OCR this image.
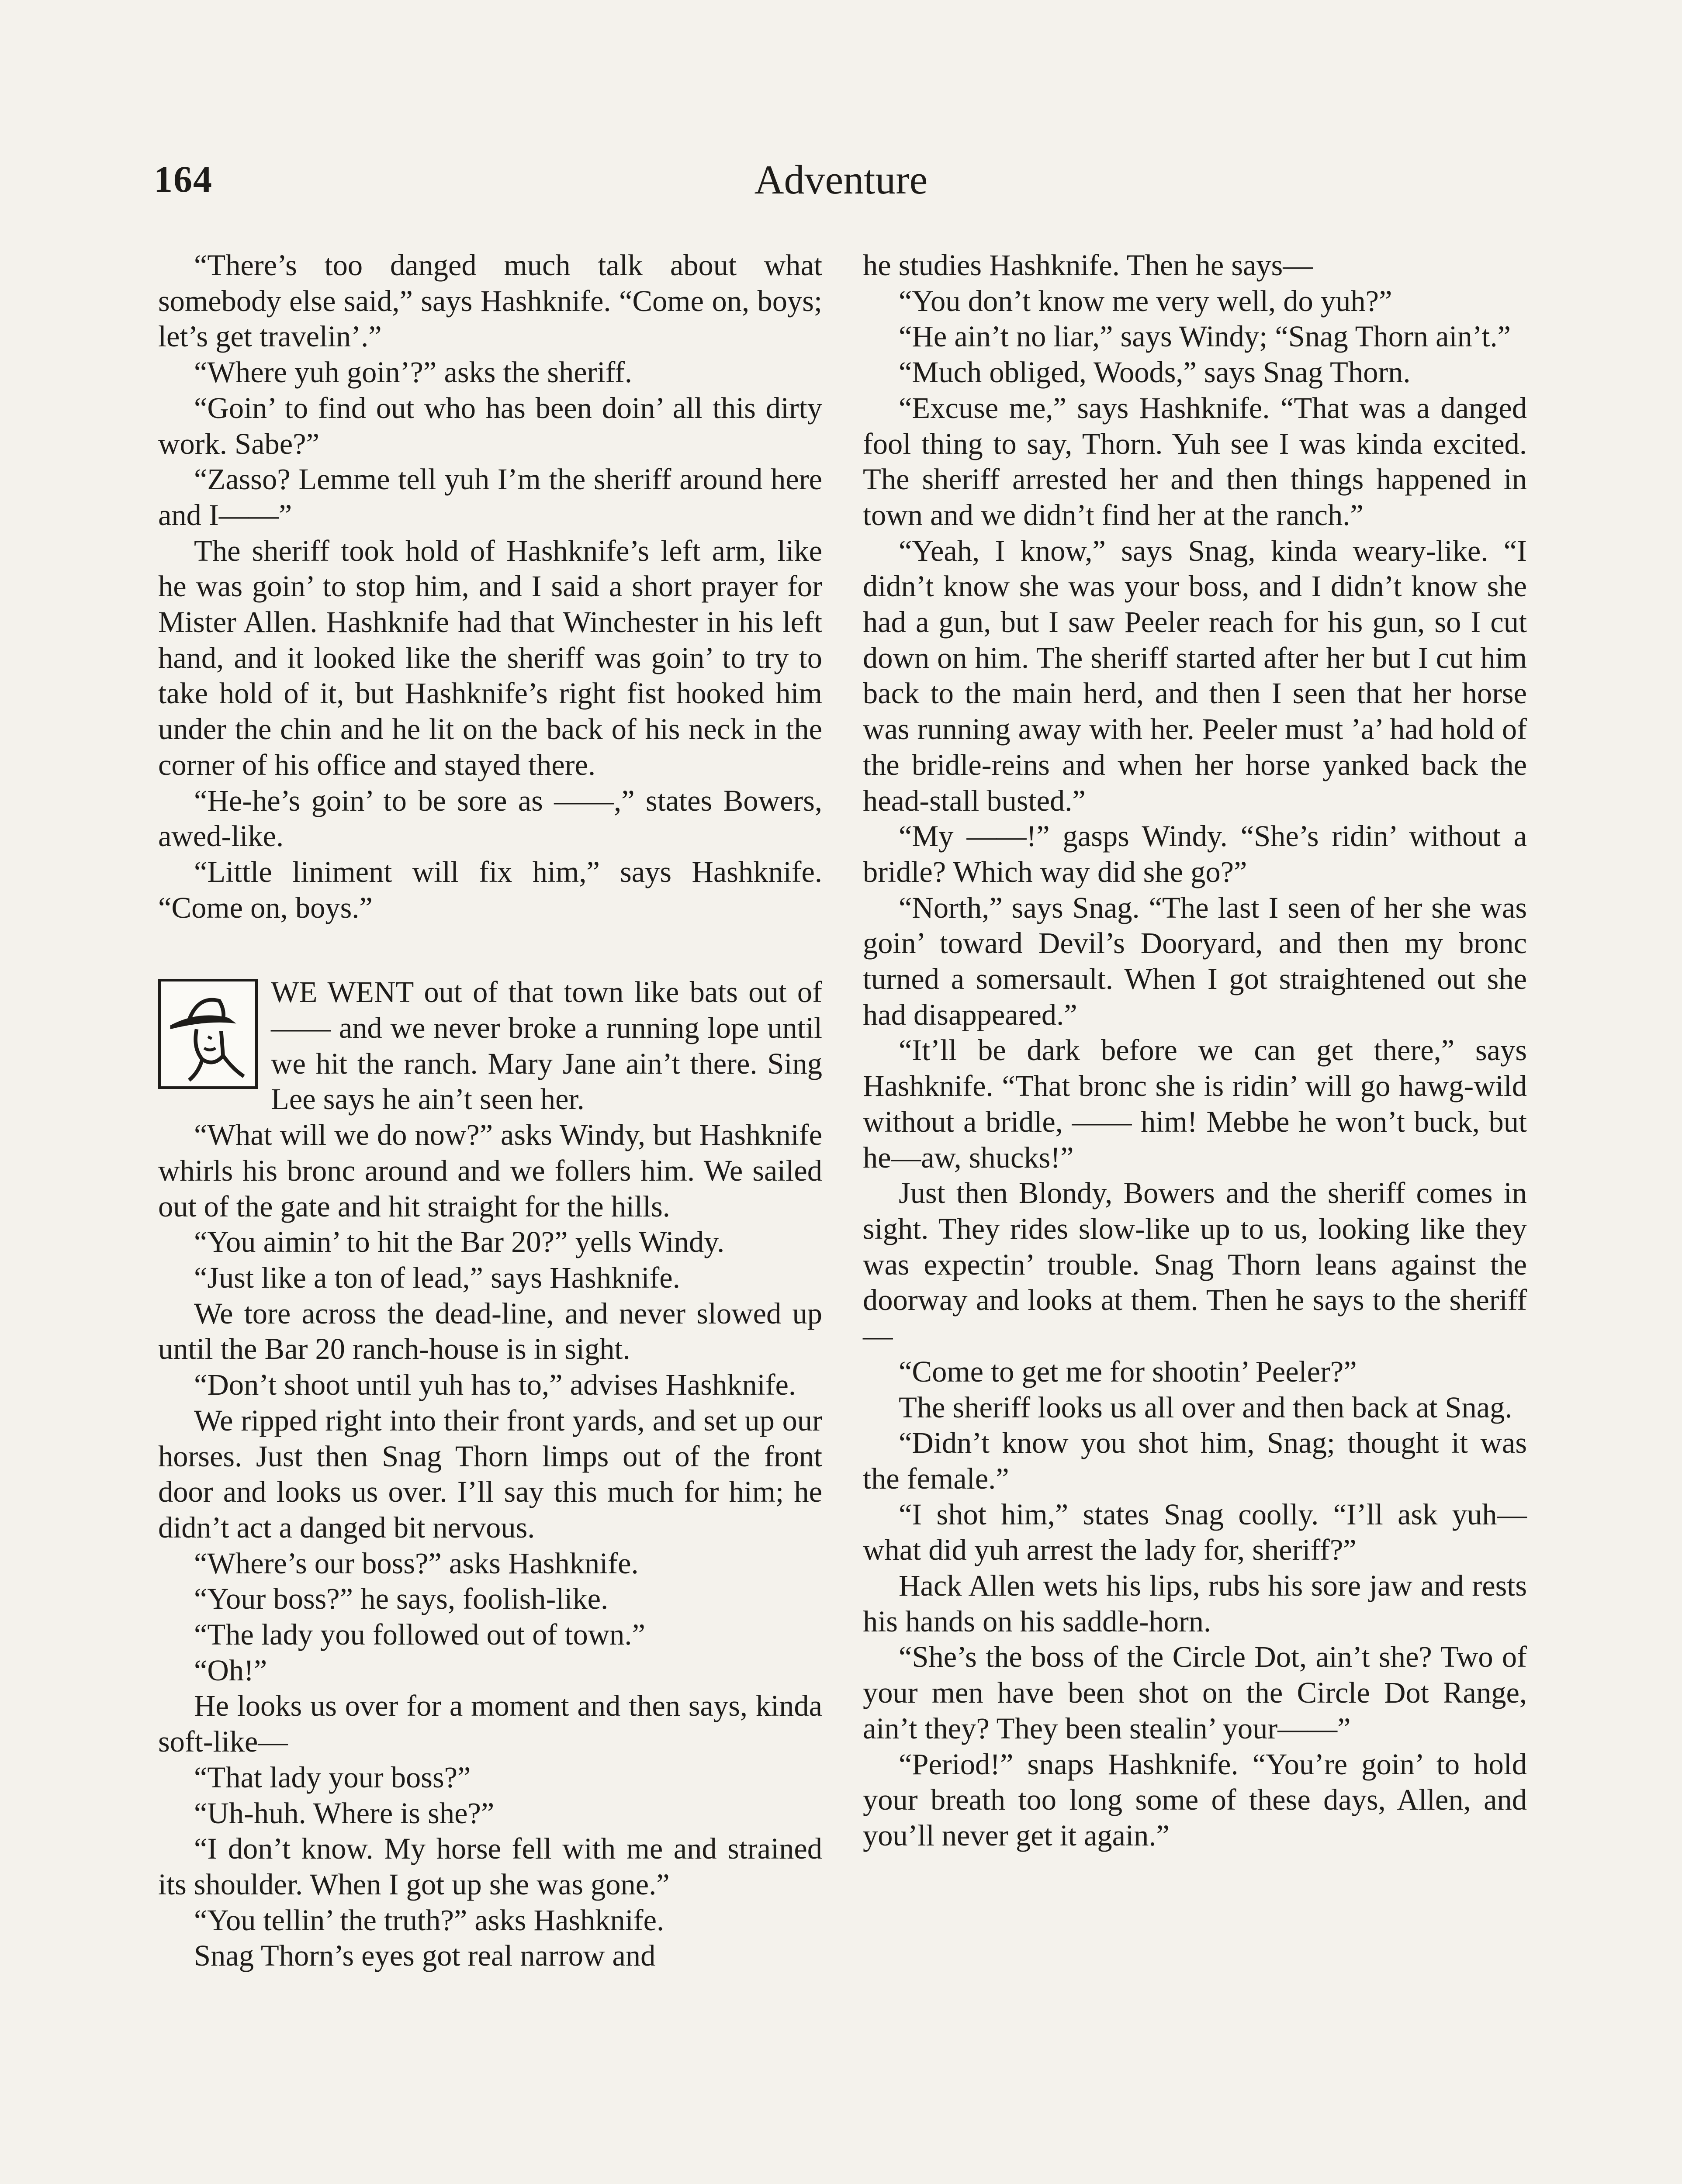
164	Adventure

“There’s too danged much talk about what somebody else said,” says Hashknife. “Come on, boys; let’s get travelin’.”

“Where yuh goin’?” asks the sheriff.

“Goin’ to find out who has been doin’ all this dirty work. Sabe?”

“Zasso? Lemme tell yuh I’m the sheriff around here and I——”

The sheriff took hold of Hashknife’s left arm, like he was goin’ to stop him, and I said a short prayer for Mister Allen. Hashknife had that Winchester in his left hand, and it looked like the sheriff was goin’ to try to take hold of it, but Hashknife’s right fist hooked him under the chin and he lit on the back of his neck in the corner of his office and stayed there.

“He-he’s goin’ to be sore as ——,” states Bowers, awed-like.

“Little liniment will fix him,” says Hashknife. “Come on, boys.”

WE WENT out of that town like bats out of —— and we never broke a running lope until we hit the ranch. Mary Jane ain’t there. Sing Lee says he ain’t seen her.

“What will we do now?” asks Windy, but Hashknife whirls his bronc around and we follers him. We sailed out of the gate and hit straight for the hills.

“You aimin’ to hit the Bar 20?” yells Windy.

“Just like a ton of lead,” says Hashknife.

We tore across the dead-line, and never slowed up until the Bar 20 ranch-house is in sight.

“Don’t shoot until yuh has to,” advises Hashknife.

We ripped right into their front yards, and set up our horses. Just then Snag Thorn limps out of the front door and looks us over. I’ll say this much for him; he didn’t act a danged bit nervous.

“Where’s our boss?” asks Hashknife.

“Your boss?” he says, foolish-like.

“The lady you followed out of town.”

“Oh!”

He looks us over for a moment and then says, kinda soft-like—

“That lady your boss?”

“Uh-huh. Where is she?”

“I don’t know. My horse fell with me and strained its shoulder. When I got up she was gone.”

“You tellin’ the truth?” asks Hashknife.

Snag Thorn’s eyes got real narrow and

he studies Hashknife. Then he says—

“You don’t know me very well, do yuh?”

“He ain’t no liar,” says Windy; “Snag Thorn ain’t.”

“Much obliged, Woods,” says Snag Thorn.

“Excuse me,” says Hashknife. “That was a danged fool thing to say, Thorn. Yuh see I was kinda excited. The sheriff arrested her and then things happened in town and we didn’t find her at the ranch.”

“Yeah, I know,” says Snag, kinda weary-like. “I didn’t know she was your boss, and I didn’t know she had a gun, but I saw Peeler reach for his gun, so I cut down on him. The sheriff started after her but I cut him back to the main herd, and then I seen that her horse was running away with her. Peeler must ’a’ had hold of the bridle-reins and when her horse yanked back the head-stall busted.”

“My ——!” gasps Windy. “She’s ridin’ without a bridle? Which way did she go?”

“North,” says Snag. “The last I seen of her she was goin’ toward Devil’s Dooryard, and then my bronc turned a somersault. When I got straightened out she had disappeared.”

“It’ll be dark before we can get there,” says Hashknife. “That bronc she is ridin’ will go hawg-wild without a bridle, —— him! Mebbe he won’t buck, but he—aw, shucks!”

Just then Blondy, Bowers and the sheriff comes in sight. They rides slow-like up to us, looking like they was expectin’ trouble. Snag Thorn leans against the doorway and looks at them. Then he says to the sheriff—

“Come to get me for shootin’ Peeler?”

The sheriff looks us all over and then back at Snag.

“Didn’t know you shot him, Snag; thought it was the female.”

“I shot him,” states Snag coolly. “I’ll ask yuh—what did yuh arrest the lady for, sheriff?”

Hack Allen wets his lips, rubs his sore jaw and rests his hands on his saddle-horn.

“She’s the boss of the Circle Dot, ain’t she? Two of your men have been shot on the Circle Dot Range, ain’t they? They been stealin’ your——”

“Period!” snaps Hashknife. “You’re goin’ to hold your breath too long some of these days, Allen, and you’ll never get it again.”
